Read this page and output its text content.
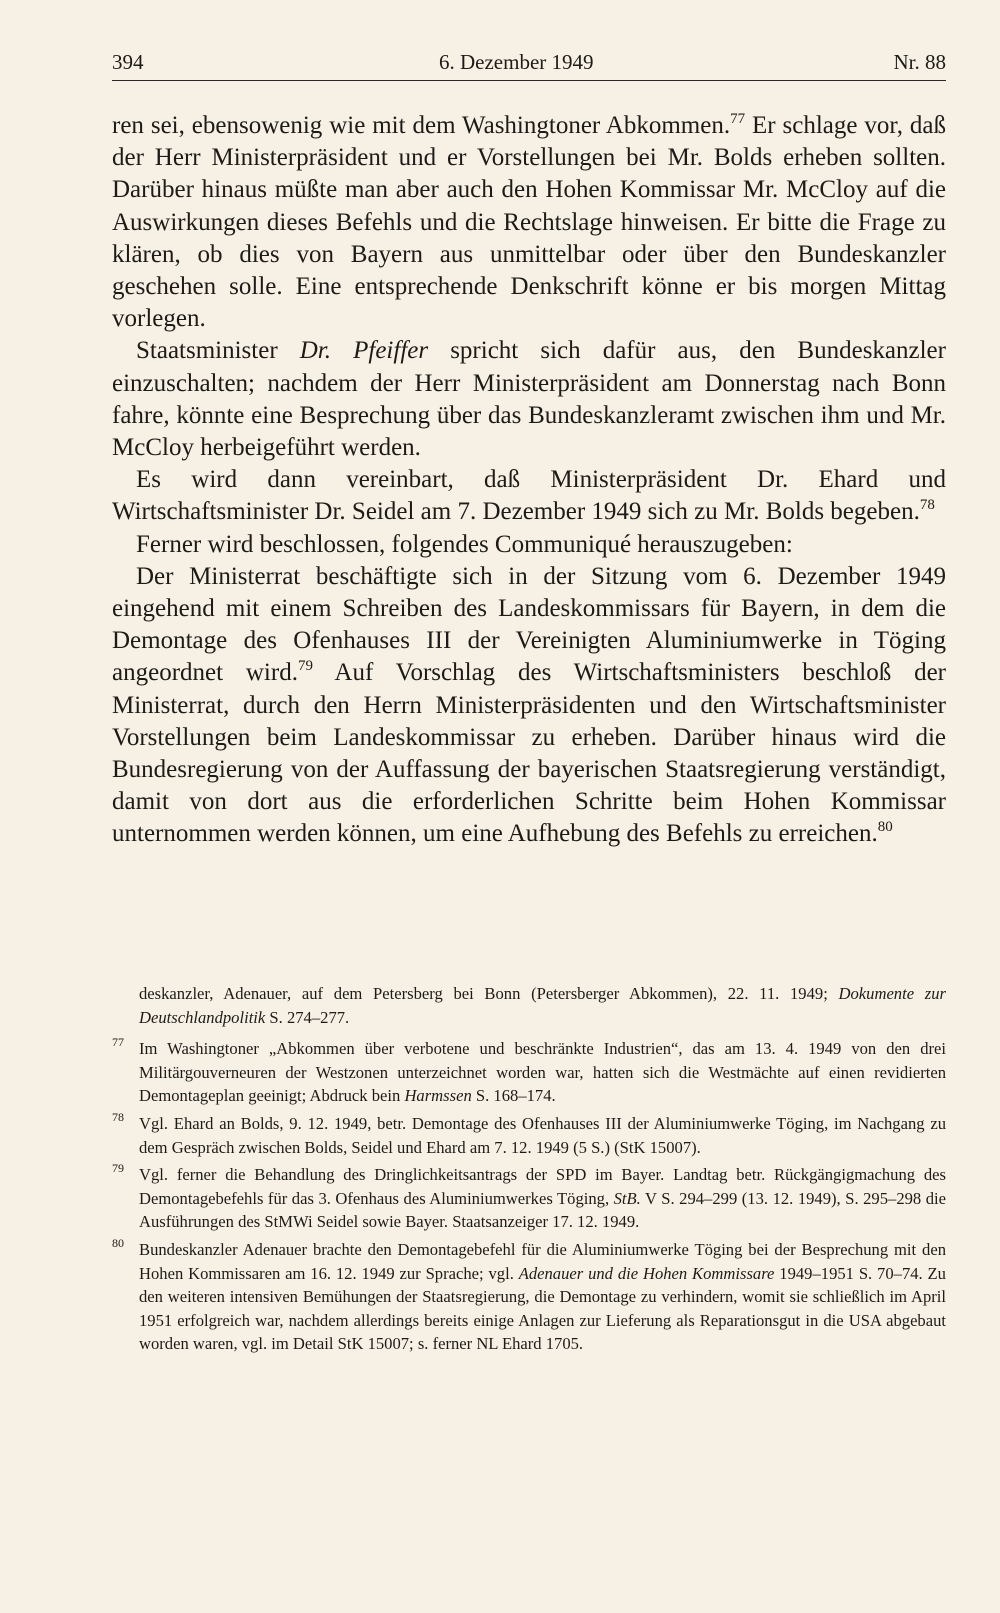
394	6. Dezember 1949	Nr. 88

ren sei, ebensowenig wie mit dem Washingtoner Abkommen.$^{77}$ Er schlage vor, daß der Herr Ministerpräsident und er Vorstellungen bei Mr. Bolds erheben sollten. Darüber hinaus müßte man aber auch den Hohen Kommissar Mr. McCloy auf die Auswirkungen dieses Befehls und die Rechtslage hinweisen. Er bitte die Frage zu klären, ob dies von Bayern aus unmittelbar oder über den Bundeskanzler geschehen solle. Eine entsprechende Denkschrift könne er bis morgen Mittag vorlegen.

Staatsminister Dr. Pfeiffer spricht sich dafür aus, den Bundeskanzler einzuschalten; nachdem der Herr Ministerpräsident am Donnerstag nach Bonn fahre, könnte eine Besprechung über das Bundeskanzleramt zwischen ihm und Mr. McCloy herbeigeführt werden.

Es wird dann vereinbart, daß Ministerpräsident Dr. Ehard und Wirtschaftsminister Dr. Seidel am 7. Dezember 1949 sich zu Mr. Bolds begeben.$^{78}$

Ferner wird beschlossen, folgendes Communiqué herauszugeben:

Der Ministerrat beschäftigte sich in der Sitzung vom 6. Dezember 1949 eingehend mit einem Schreiben des Landeskommissars für Bayern, in dem die Demontage des Ofenhauses III der Vereinigten Aluminiumwerke in Töging angeordnet wird.$^{79}$ Auf Vorschlag des Wirtschaftsministers beschloß der Ministerrat, durch den Herrn Ministerpräsidenten und den Wirtschaftsminister Vorstellungen beim Landeskommissar zu erheben. Darüber hinaus wird die Bundesregierung von der Auffassung der bayerischen Staatsregierung verständigt, damit von dort aus die erforderlichen Schritte beim Hohen Kommissar unternommen werden können, um eine Aufhebung des Befehls zu erreichen.$^{80}$

deskanzler, Adenauer, auf dem Petersberg bei Bonn (Petersberger Abkommen), 22. 11. 1949; Dokumente zur Deutschlandpolitik S. 274–277.

77 Im Washingtoner „Abkommen über verbotene und beschränkte Industrien“, das am 13. 4. 1949 von den drei Militärgouverneuren der Westzonen unterzeichnet worden war, hatten sich die Westmächte auf einen revidierten Demontageplan geeinigt; Abdruck bein Harmssen S. 168–174.

78 Vgl. Ehard an Bolds, 9. 12. 1949, betr. Demontage des Ofenhauses III der Aluminiumwerke Töging, im Nachgang zu dem Gespräch zwischen Bolds, Seidel und Ehard am 7. 12. 1949 (5 S.) (StK 15007).

79 Vgl. ferner die Behandlung des Dringlichkeitsantrags der SPD im Bayer. Landtag betr. Rückgängigmachung des Demontagebefehls für das 3. Ofenhaus des Aluminiumwerkes Töging, StB. V S. 294–299 (13. 12. 1949), S. 295–298 die Ausführungen des StMWi Seidel sowie Bayer. Staatsanzeiger 17. 12. 1949.

80 Bundeskanzler Adenauer brachte den Demontagebefehl für die Aluminiumwerke Töging bei der Besprechung mit den Hohen Kommissaren am 16. 12. 1949 zur Sprache; vgl. Adenauer und die Hohen Kommissare 1949–1951 S. 70–74. Zu den weiteren intensiven Bemühungen der Staatsregierung, die Demontage zu verhindern, womit sie schließlich im April 1951 erfolgreich war, nachdem allerdings bereits einige Anlagen zur Lieferung als Reparationsgut in die USA abgebaut worden waren, vgl. im Detail StK 15007; s. ferner NL Ehard 1705.
